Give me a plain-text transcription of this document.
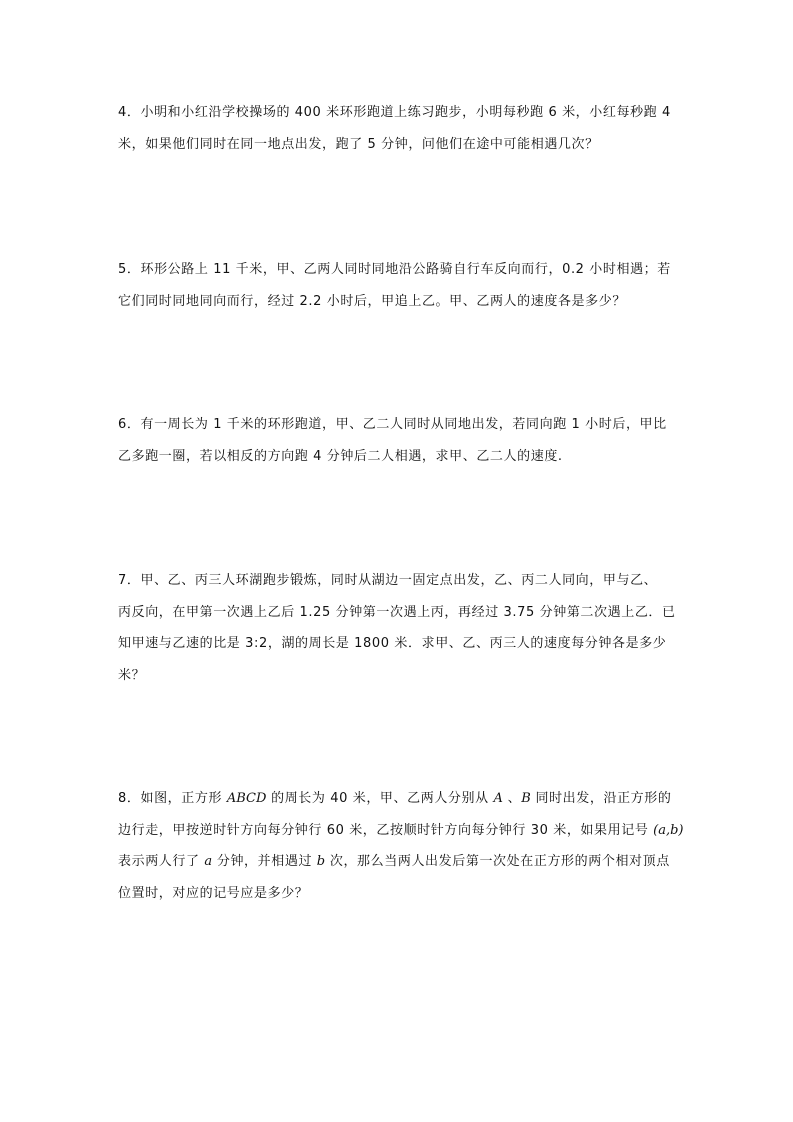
4．小明和小红沿学校操场的 400 米环形跑道上练习跑步，小明每秒跑 6 米，小红每秒跑 4
米，如果他们同时在同一地点出发，跑了 5 分钟，问他们在途中可能相遇几次？
5．环形公路上 11 千米，甲、乙两人同时同地沿公路骑自行车反向而行，0.2 小时相遇；若
它们同时同地同向而行，经过 2.2 小时后，甲追上乙。甲、乙两人的速度各是多少？
6．有一周长为 1 千米的环形跑道，甲、乙二人同时从同地出发，若同向跑 1 小时后，甲比
乙多跑一圈，若以相反的方向跑 4 分钟后二人相遇，求甲、乙二人的速度.
7．甲、乙、丙三人环湖跑步锻炼，同时从湖边一固定点出发，乙、丙二人同向，甲与乙、
丙反向，在甲第一次遇上乙后 1.25 分钟第一次遇上丙，再经过 3.75 分钟第二次遇上乙．已
知甲速与乙速的比是 3:2，湖的周长是 1800 米．求甲、乙、丙三人的速度每分钟各是多少
米？
8．如图，正方形 ABCD 的周长为 40 米，甲、乙两人分别从 A 、B 同时出发，沿正方形的
边行走，甲按逆时针方向每分钟行 60 米，乙按顺时针方向每分钟行 30 米，如果用记号 (a,b)
表示两人行了 a 分钟，并相遇过 b 次，那么当两人出发后第一次处在正方形的两个相对顶点
位置时，对应的记号应是多少？
